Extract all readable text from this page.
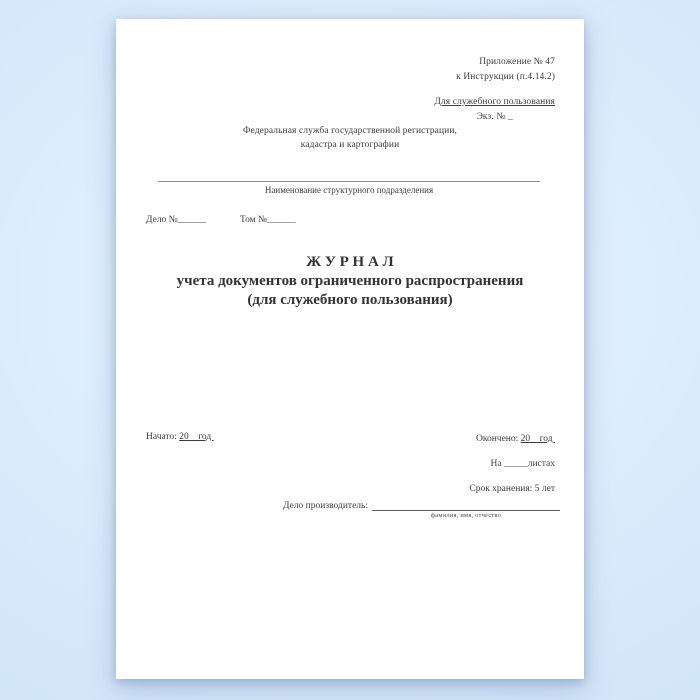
Приложение № 47
к Инструкции (п.4.14.2)
Для служебного пользования
Экз. № _
Федеральная служба государственной регистрации,
кадастра и картографии
Наименование структурного подразделения
Дело №______	Том №______
Ж У Р Н А Л
учета документов ограниченного распространения
(для служебного пользования)
Начато: 20    год	Окончено: 20    год
На _____листах
Срок хранения: 5 лет
Дело производитель:
фамилия, имя, отчество
